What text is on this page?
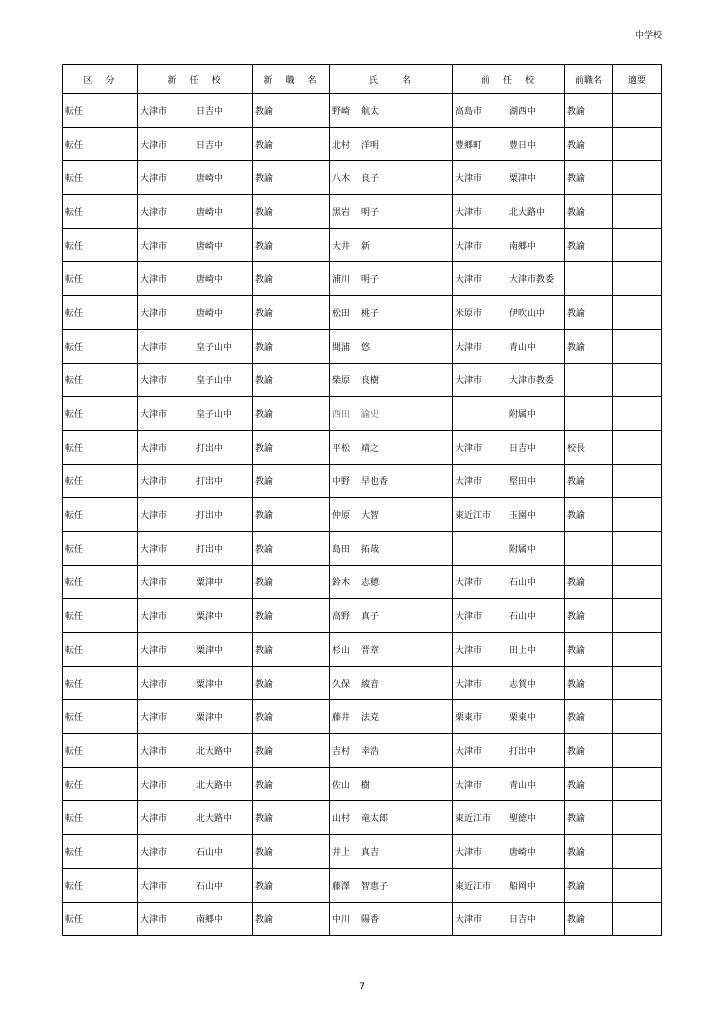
中学校
区　分	新　任　校	新　職　名	氏　　名	前　任　校	前職名	適要
転任	大津市 日吉中	教諭	野崎 航太	高島市 湖西中	教諭	
転任	大津市 日吉中	教諭	北村 洋明	豊郷町 豊日中	教諭	
転任	大津市 唐崎中	教諭	八木 良子	大津市 粟津中	教諭	
転任	大津市 唐崎中	教諭	黒岩 明子	大津市 北大路中	教諭	
転任	大津市 唐崎中	教諭	大井 新	大津市 南郷中	教諭	
転任	大津市 唐崎中	教諭	浦川 明子	大津市 大津市教委		

転任	大津市 唐崎中	教諭	松田 桃子	米原市 伊吹山中	教諭	
転任	大津市 皇子山中	教諭	間浦 悠	大津市 青山中	教諭	
転任	大津市 皇子山中	教諭	柴原 良樹	大津市 大津市教委		

転任	大津市 皇子山中	教諭	西田 諭史	附属中		

転任	大津市 打出中	教諭	平松 靖之	大津市 日吉中	校長	
転任	大津市 打出中	教諭	中野 早也香	大津市 堅田中	教諭	
転任	大津市 打出中	教諭	仲原 大智	東近江市 玉園中	教諭	
転任	大津市 打出中	教諭	島田 拓哉	附属中		

転任	大津市 粟津中	教諭	鈴木 志穂	大津市 石山中	教諭	
転任	大津市 粟津中	教諭	高野 真子	大津市 石山中	教諭	
転任	大津市 粟津中	教諭	杉山 晋章	大津市 田上中	教諭	
転任	大津市 粟津中	教諭	久保 綾音	大津市 志賀中	教諭	
転任	大津市 粟津中	教諭	藤井 法克	栗東市 栗東中	教諭	
転任	大津市 北大路中	教諭	吉村 幸浩	大津市 打出中	教諭	
転任	大津市 北大路中	教諭	佐山 樹	大津市 青山中	教諭	
転任	大津市 北大路中	教諭	山村 竜太郎	東近江市 聖徳中	教諭	
転任	大津市 石山中	教諭	井上 真吉	大津市 唐崎中	教諭	
転任	大津市 石山中	教諭	藤澤 智恵子	東近江市 船岡中	教諭	
転任	大津市 南郷中	教諭	中川 陽香	大津市 日吉中	教諭	
7
